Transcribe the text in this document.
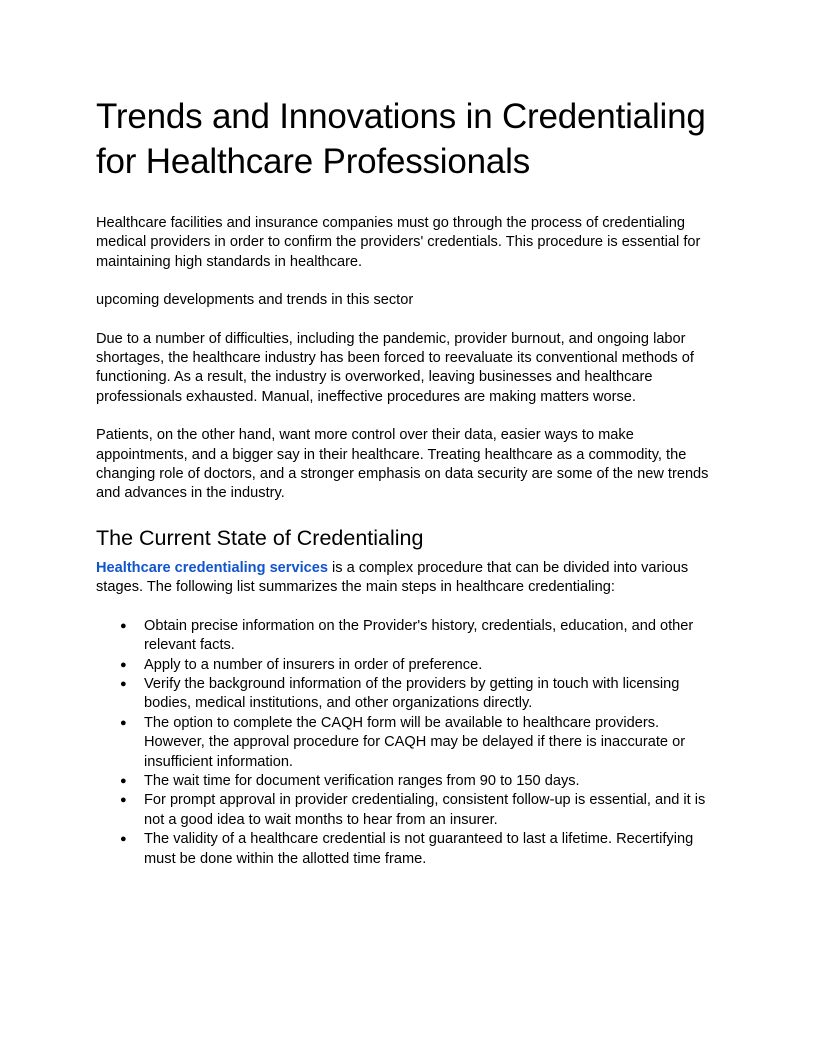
Trends and Innovations in Credentialing for Healthcare Professionals

Healthcare facilities and insurance companies must go through the process of credentialing medical providers in order to confirm the providers' credentials. This procedure is essential for maintaining high standards in healthcare.

upcoming developments and trends in this sector

Due to a number of difficulties, including the pandemic, provider burnout, and ongoing labor shortages, the healthcare industry has been forced to reevaluate its conventional methods of functioning. As a result, the industry is overworked, leaving businesses and healthcare professionals exhausted. Manual, ineffective procedures are making matters worse.

Patients, on the other hand, want more control over their data, easier ways to make appointments, and a bigger say in their healthcare. Treating healthcare as a commodity, the changing role of doctors, and a stronger emphasis on data security are some of the new trends and advances in the industry.

The Current State of Credentialing

Healthcare credentialing services is a complex procedure that can be divided into various stages. The following list summarizes the main steps in healthcare credentialing:

● Obtain precise information on the Provider's history, credentials, education, and other relevant facts.
● Apply to a number of insurers in order of preference.
● Verify the background information of the providers by getting in touch with licensing bodies, medical institutions, and other organizations directly.
● The option to complete the CAQH form will be available to healthcare providers. However, the approval procedure for CAQH may be delayed if there is inaccurate or insufficient information.
● The wait time for document verification ranges from 90 to 150 days.
● For prompt approval in provider credentialing, consistent follow-up is essential, and it is not a good idea to wait months to hear from an insurer.
● The validity of a healthcare credential is not guaranteed to last a lifetime. Recertifying must be done within the allotted time frame.
